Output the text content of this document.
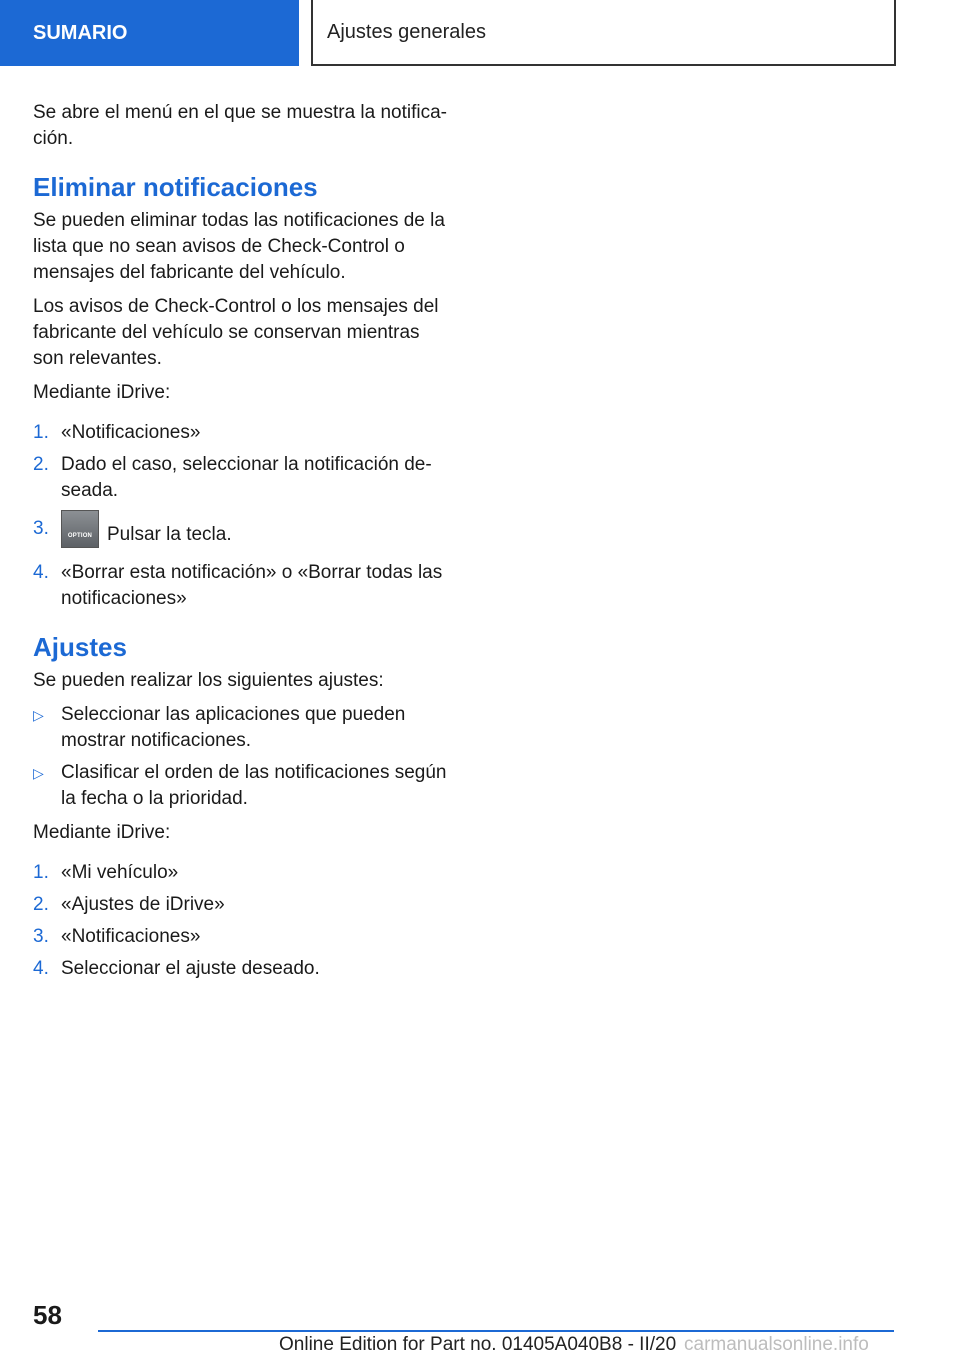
SUMARIO	Ajustes generales

Se abre el menú en el que se muestra la notifica-ción.

Eliminar notificaciones

Se pueden eliminar todas las notificaciones de la lista que no sean avisos de Check-Control o mensajes del fabricante del vehículo.

Los avisos de Check-Control o los mensajes del fabricante del vehículo se conservan mientras son relevantes.

Mediante iDrive:

1. «Notificaciones»
2. Dado el caso, seleccionar la notificación de-seada.
3.	OPTION Pulsar la tecla.
4. «Borrar esta notificación» o «Borrar todas las notificaciones»
Ajustes

Se pueden realizar los siguientes ajustes:

▷ Seleccionar las aplicaciones que pueden mostrar notificaciones.
▷ Clasificar el orden de las notificaciones según la fecha o la prioridad.

Mediante iDrive:

1. «Mi vehículo»
2. «Ajustes de iDrive»
3. «Notificaciones»
4. Seleccionar el ajuste deseado.
58
Online Edition for Part no. 01405A040B8 - II/20 carmanualsonline.info
